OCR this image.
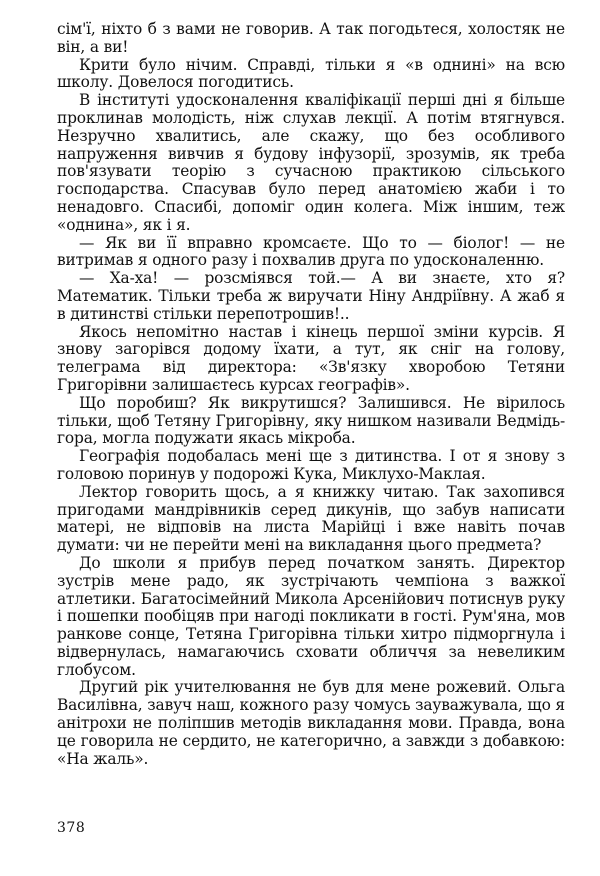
сім'ї, ніхто б з вами не говорив. А так погодьтеся, холостяк не він, а ви!

Крити було нічим. Справді, тільки я «в однині» на всю школу. Довелося погодитись.

В інституті удосконалення кваліфікації перші дні я більше проклинав молодість, ніж слухав лекції. А потім втягнувся. Незручно хвалитись, але скажу, що без особливого напруження вивчив я будову інфузорії, зрозумів, як треба пов'язувати теорію з сучасною практикою сільського господарства. Спасував було перед анатомією жаби і то ненадовго. Спасибі, допоміг один колега. Між іншим, теж «однина», як і я.

— Як ви її вправно кромсаєте. Що то — біолог! — не витримав я одного разу і похвалив друга по удосконаленню.

— Ха-ха! — розсміявся той.— А ви знаєте, хто я? Математик. Тільки треба ж виручати Ніну Андріївну. А жаб я в дитинстві стільки перепотрошив!..

Якось непомітно настав і кінець першої зміни курсів. Я знову загорівся додому їхати, а тут, як сніг на голову, телеграма від директора: «Зв'язку хворобою Тетяни Григорівни залишаєтесь курсах географів».

Що поробиш? Як викрутишся? Залишився. Не вірилось тільки, щоб Тетяну Григорівну, яку нишком називали Ведмідь-гора, могла подужати якась мікроба.

Географія подобалась мені ще з дитинства. І от я знову з головою поринув у подорожі Кука, Миклухо-Маклая.

Лектор говорить щось, а я книжку читаю. Так захопився пригодами мандрівників серед дикунів, що забув написати матері, не відповів на листа Марійці і вже навіть почав думати: чи не перейти мені на викладання цього предмета?

До школи я прибув перед початком занять. Директор зустрів мене радо, як зустрічають чемпіона з важкої атлетики. Багатосімейний Микола Арсенійович потиснув руку і пошепки пообіцяв при нагоді покликати в гості. Рум'яна, мов ранкове сонце, Тетяна Григорівна тільки хитро підморгнула і відвернулась, намагаючись сховати обличчя за невеликим глобусом.

Другий рік учителювання не був для мене рожевий. Ольга Василівна, завуч наш, кожного разу чомусь зауважувала, що я анітрохи не поліпшив методів викладання мови. Правда, вона це говорила не сердито, не категорично, а завжди з добавкою: «На жаль».

378
